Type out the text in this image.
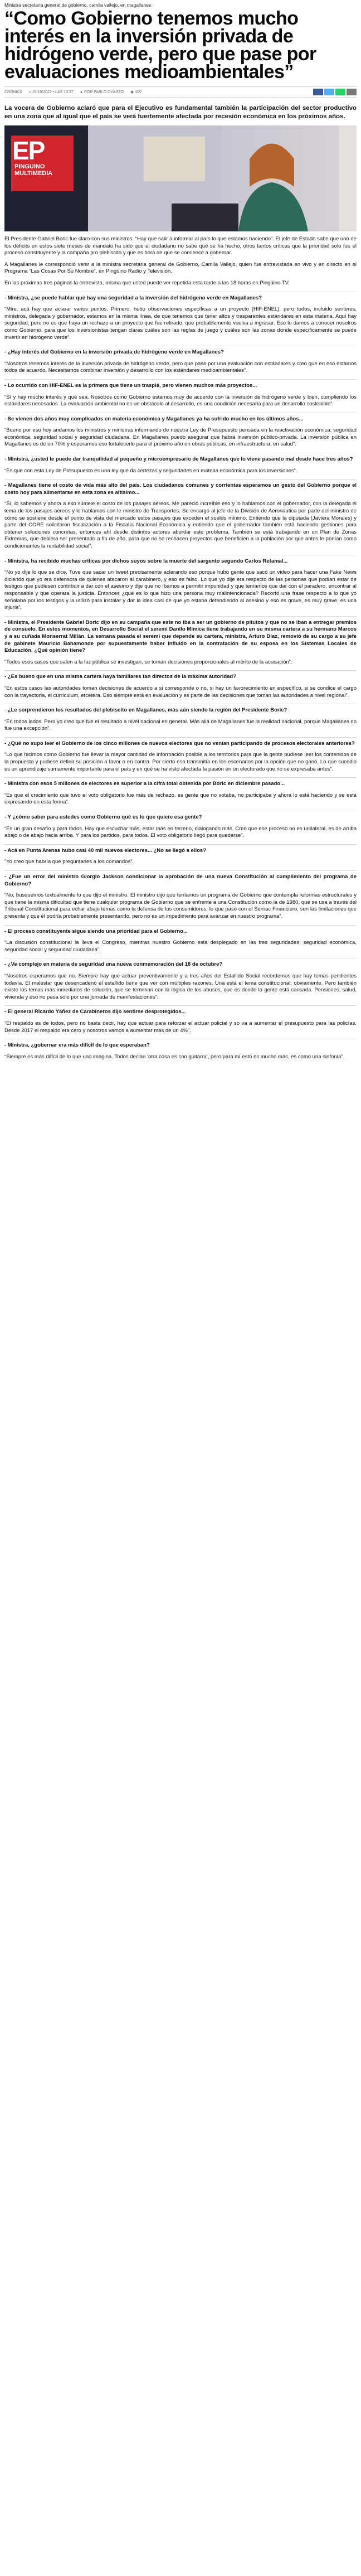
Ministra secretaria general de gobierno, camila vallejo, en magallanes:
“Como Gobierno tenemos mucho interés en la inversión privada de hidrógeno verde, pero que pase por evaluaciones medioambientales”
CRÓNICA ▪ 19/10/2022 • LAS 13:37 ● POR PABLO OYARZO ◉ 607

La vocera de Gobierno aclaró que para el Ejecutivo es fundamental también la participación del sector productivo en una zona que al igual que el país se verá fuertemente afectada por recesión económica en los próximos años.

EP
PINGUINO
MULTIMEDIA

El Presidente Gabriel Boric fue claro con sus ministros. “Hay que salir a informar al país lo que estamos haciendo”. El jefe de Estado sabe que uno de los déficits en estos siete meses de mandato ha sido que el ciudadano no sabe qué se ha hecho, otros tantos críticas que la prioridad solo fue el proceso constituyente y la campaña pro plebiscito y que es hora de que se comience a gobernar.

A Magallanes le correspondió venir a la ministra secretaria general de Gobierno, Camila Vallejo, quien fue entrevistada en vivo y en directo en el Programa “Las Cosas Por Su Nombre”, en Pingüino Radio y Televisión.

En las próximas tres páginas la entrevista, misma que usted puede ver repetida esta tarde a las 18 horas en Pingüino TV.

- Ministra, ¿se puede hablar que hay una seguridad a la inversión del hidrógeno verde en Magallanes?

“Mire, acá hay que aclarar varios puntos. Primero, hubo observaciones específicas a un proyecto (HIF-ENEL), pero todos, incluido senteres, ministros, delegada y gobernador, estamos en la misma línea, de que tenemos que tener altos y trasparentes estándares en esta materia. Aquí hay seguridad, pero no es que haya un rechazo a un proyecto que fue retirado, que probablemente vuelva a ingresar. Eso lo damos a conocer nosotros como Gobierno, para que los inversionistas tengan claras cuáles son las reglas de juego y cuáles son las zonas donde específicamente se puede invertir en hidrógeno verde”.

- ¿Hay interés del Gobierno en la inversión privada de hidrógeno verde en Magallanes?

“Nosotros tenemos interés de la inversión privada de hidrógeno verde, pero que pase por una evaluación con estándares y creo que en eso estamos todos de acuerdo. Necesitamos combinar inversión y desarrollo con los estándares medioambientales”.

- Lo ocurrido con HIF-ENEL es la primera que tiene un traspié, pero vienen muchos más proyectos...

“Sí y hay mucho interés y qué sea. Nosotros como Gobierno estamos muy de acuerdo con la inversión de hidrógeno verde y bien, cumpliendo los estándares necesarios. La evaluación ambiental no es un obstáculo al desarrollo, es una condición necesaria para un desarrollo sostenible”.

- Se vienen dos años muy complicados en materia económica y Magallanes ya ha sufrido mucho en los últimos años...

“Bueno por eso hoy andamos los ministros y ministras informando de nuestra Ley de Presupuesto pensada en la reactivación económica: seguridad económica, seguridad social y seguridad ciudadana. En Magallanes puedo asegurar que habrá inversión público-privada. La inversión pública en Magallanes es de un 70% y esperamos eso fortalecerlo para el próximo año en obras públicas, en infraestructura, en salud”.

- Ministra, ¿usted le puede dar tranquilidad al pequeño y microempresario de Magallanes que lo viene pasando mal desde hace tres años?

“Es que con esta Ley de Presupuesto es una ley que da certezas y seguridades en materia económica para los inversiones”.

- Magallanes tiene el costo de vida más alto del país. Los ciudadanos comunes y corrientes esperamos un gesto del Gobierno porque el costo hoy para alimentarse en esta zona es altísimo...

“Sí, lo sabemos y ahora a eso súmele el costo de los pasajes aéreos. Me pareció increíble eso y lo hablamos con el gobernador, con la delegada el tema de los pasajes aéreos y lo hablamos con le ministro de Transportes. Se encargó al jefe de la División de Aeronáutica por parte del ministro de cómo se sostiene desde el punto de vista del mercado estos pasajes que exceden el sueldo mínimo. Entiendo que la diputada (Javiera Morales) y parte del CORE solicitaron fiscalización a la Fiscalía Nacional Económica y entiendo que el gobernador también está haciendo gestiones para obtener soluciones concretas, entonces ahí desde distintos actores abordar este problema. También se está trabajando en un Plan de Zonas Extremas, que debiera ser presentado a fin de año, para que no se rechacen proyectos que beneficien a la población por que antes le ponían como condicionantes la rentabilidad social”.

- Ministra, ha recibido muchas críticas por dichos suyos sobre la muerte del sargento segundo Carlos Retamal...

“No yo dije lo que se dice. Tuve que sacar un tweet precisamente aclarando eso porque hubo gente que sacó un video para hacer una Fake News diciendo que yo era defensora de quienes atacaron al carabinero, y eso es falso. Lo que yo dije era respecto de las personas que podían estar de testigos que pudiesen contribuir a dar con el asesino y dije que no íbamos a permitir impunidad y que teníamos que dar con el paradero, encontrar al responsable y que operara la justicia. Entonces ¿qué es lo que hizo una persona muy malintencionada? Recortó una frase respecto a lo que yo señalaba por los testigos y la utilizó para instalar y dar la idea casi de que yo estaba defendiendo al asesino y eso es grave, es muy grave, es una injuria”.

- Ministra, el Presidente Gabriel Boric dijo en su campaña que este no iba a ser un gobierno de pitutos y que no se iban a entregar premios de consuelo. En estos momentos, en Desarrollo Social el seremi Danilo Mimica tiene trabajando en su misma cartera a su hermano Marcos y a su cuñada Monserrat Millán. La semana pasada el seremi que depende su cartera, ministra, Arturo Díaz, removió de su cargo a su jefe de gabinete Mauricio Bahamonde por supuestamente haber influido en la contratación de su esposa en los Sistemas Locales de Educación. ¿Qué opinión tiene?

“Todos esos casos que salen a la luz pública se investigan, se toman decisiones proporcionales al mérito de la acusación”.

- ¿Es bueno que en una misma cartera haya familiares tan directos de la máxima autoridad?

“En estos casos las autoridades toman decisiones de acuerdo a si corresponde o no, si hay un favorecimiento en específico, si se condice el cargo con la trayectoria, el currículum, etcétera. Eso siempre está en evaluación y es parte de las decisiones que toman las autoridades a nivel regional”.

- ¿Le sorprendieron los resultados del plebiscito en Magallanes, más aún siendo la región del Presidente Boric?

“En todos lados. Pero yo creo que fue el resultado a nivel nacional en general. Más allá de Magallanes fue la realidad nacional, porque Magallanes no fue una excepción”.

- ¿Qué no supo leer el Gobierno de los cinco millones de nuevos electores que no venían participando de procesos electorales anteriores?

“Lo que hicimos como Gobierno fue llevar la mayor cantidad de información posible a los territorios para que la gente pudiese leer los contenidos de la propuesta y pudiese definir su posición a favor o en contra. Por cierto eso transmitía en los escenarios por la opción que no ganó. Lo que sucedió es un aprendizaje sumamente importante para el país y en qué se ha visto afectada la pasión en un electorado que no se expresaba antes”.

- Ministra con esos 5 millones de electores es superior a la cifra total obtenida por Boric en diciembre pasado...

“Es que el crecimiento que tuvo el voto obligatorio fue más de rechazo, es gente que no votaba, no participaba y ahora lo está haciendo y se está expresando en esta forma”.

- Y ¿cómo saber para ustedes como Gobierno qué es lo que quiere esa gente?

“Es un gran desafío y para todos. Hay que escuchar más, estar más en terreno, dialogando más. Creo que ese proceso no es unilateral, es de arriba abajo o de abajo hacia arriba. Y para los partidos, para todos. El voto obligatorio llegó para quedarse”.

- Acá en Punta Arenas hubo casi 40 mil nuevos electores... ¿No se llegó a ellos?

“Yo creo que habría que preguntarles a los comandos”.

- ¿Fue un error del ministro Giorgio Jackson condicionar la aprobación de una nueva Constitución al cumplimiento del programa de Gobierno?

“No, busquemos textualmente lo que dijo el ministro. El ministro dijo que teníamos un programa de Gobierno que contempla reformas estructurales y que tiene la misma dificultad que tiene cualquier programa de Gobierno que se enfrente a una Constitución como la de 1980, que se usa a través del Tribunal Constitucional para echar abajo temas como la defensa de los consumidores, lo que pasó con el Sernac Financiero, son las limitaciones que presenta y que él podría probablemente presentando, pero no es un impedimento para avanzar en nuestro programa”.

- El proceso constituyente sigue siendo una prioridad para el Gobierno...

“La discusión constitucional la lleva el Congreso, mientras nuestro Gobierno está desplegado en las tres seguridades: seguridad económica, seguridad social y seguridad ciudadana”.

- ¿Ve complejo en materia de seguridad una nueva conmemoración del 18 de octubre?

“Nosotros esperamos que no. Siempre hay que actuar preventivamente y a tres años del Estallido Social recordemos que hay temas pendientes todavía. El malestar que desencadenó el estallido tiene que ver con múltiples razones. Una está el tema constitucional, obviamente. Pero también existe los temas más inmediatos de solución, que se terminan con la lógica de los abusos, que es donde la gente está cansada. Pensiones, salud, vivienda y eso no pasa solo por una jornada de manifestaciones”.

- El general Ricardo Yáñez de Carabineros dijo sentirse desprotegidos...

“El respaldo es de todos, pero no basta decir, hay que actuar para reforzar el actuar policial y so va a aumentar el presupuesto para las policías. Desde 2017 el respaldo era cero y nosotros vamos a aumentar más de un 4%”.

- Ministra, ¿gobernar era más difícil de lo que esperaban?

“Siempre es más difícil de lo que uno imagina. Todos declan ‘otra cosa es con guitarra’, pero para mí esto es mucho más, es como una sinfonía”.
